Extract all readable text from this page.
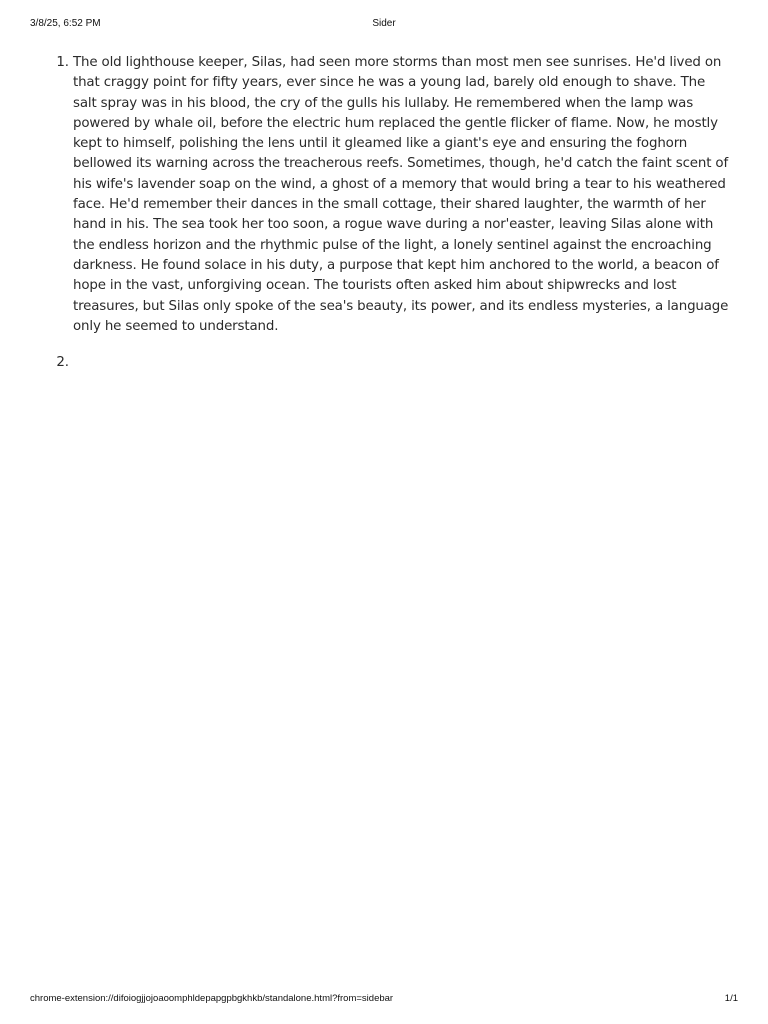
3/8/25, 6:52 PM	Sider
1. The old lighthouse keeper, Silas, had seen more storms than most men see sunrises. He'd lived on that craggy point for fifty years, ever since he was a young lad, barely old enough to shave. The salt spray was in his blood, the cry of the gulls his lullaby. He remembered when the lamp was powered by whale oil, before the electric hum replaced the gentle flicker of flame. Now, he mostly kept to himself, polishing the lens until it gleamed like a giant's eye and ensuring the foghorn bellowed its warning across the treacherous reefs. Sometimes, though, he'd catch the faint scent of his wife's lavender soap on the wind, a ghost of a memory that would bring a tear to his weathered face. He'd remember their dances in the small cottage, their shared laughter, the warmth of her hand in his. The sea took her too soon, a rogue wave during a nor'easter, leaving Silas alone with the endless horizon and the rhythmic pulse of the light, a lonely sentinel against the encroaching darkness. He found solace in his duty, a purpose that kept him anchored to the world, a beacon of hope in the vast, unforgiving ocean. The tourists often asked him about shipwrecks and lost treasures, but Silas only spoke of the sea's beauty, its power, and its endless mysteries, a language only he seemed to understand.
2.
chrome-extension://difoiogjjojoaoomphldepapgpbgkhkb/standalone.html?from=sidebar	1/1
